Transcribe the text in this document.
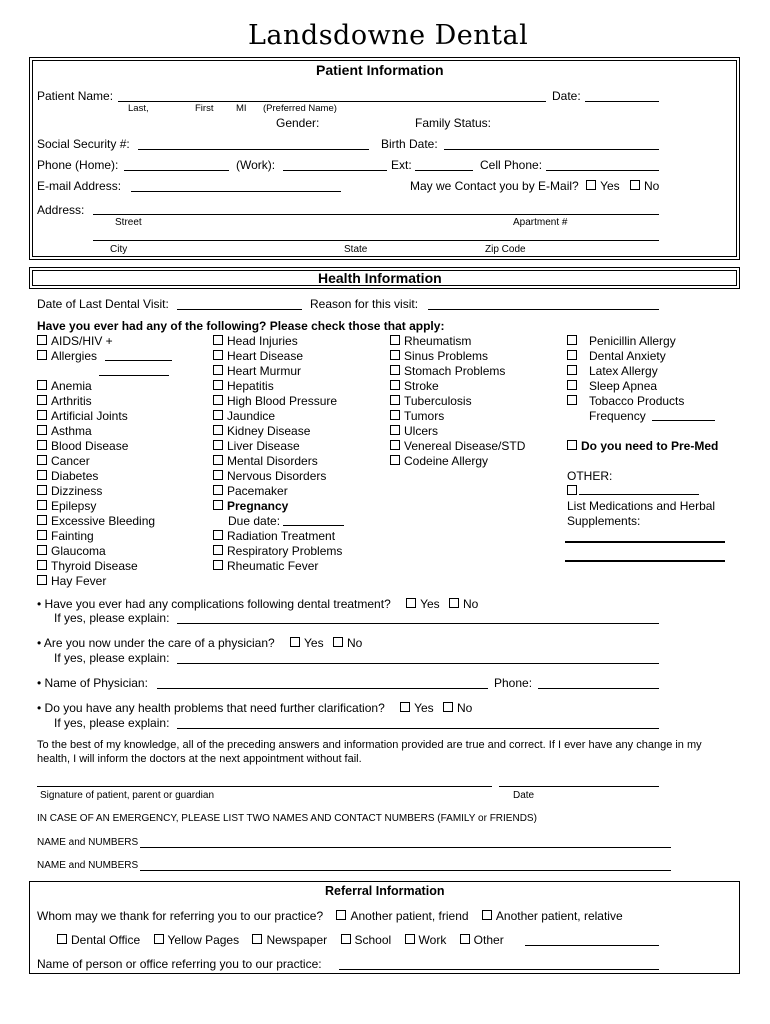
Landsdowne Dental
Patient Information
Patient Name:	Date:
Last,	First MI (Preferred Name)
Gender:	Family Status:
Social Security #:	Birth Date:
Phone (Home):	(Work):	Ext:	Cell Phone:
E-mail Address:	May we Contact you by E-Mail? Yes No
Address:
Street	Apartment #
City	State	Zip Code
Health Information
Date of Last Dental Visit:	Reason for this visit:
Have you ever had any of the following? Please check those that apply:
AIDS/HIV +
Allergies
Anemia
Arthritis
Artificial Joints
Asthma
Blood Disease
Cancer
Diabetes
Dizziness
Epilepsy
Excessive Bleeding
Fainting
Glaucoma
Thyroid Disease
Hay Fever
Head Injuries
Heart Disease
Heart Murmur
Hepatitis
High Blood Pressure
Jaundice
Kidney Disease
Liver Disease
Mental Disorders
Nervous Disorders
Pacemaker
Pregnancy
Due date:
Radiation Treatment
Respiratory Problems
Rheumatic Fever
Rheumatism
Sinus Problems
Stomach Problems
Stroke
Tuberculosis
Tumors
Ulcers
Venereal Disease/STD
Codeine Allergy
Penicillin Allergy
Dental Anxiety
Latex Allergy
Sleep Apnea
Tobacco Products
Frequency
Do you need to Pre-Med
OTHER:
List Medications and Herbal
Supplements:
• Have you ever had any complications following dental treatment? Yes No
If yes, please explain:
• Are you now under the care of a physician? Yes No
If yes, please explain:
• Name of Physician:	Phone:
• Do you have any health problems that need further clarification? Yes No
If yes, please explain:
To the best of my knowledge, all of the preceding answers and information provided are true and correct. If I ever have any change in my
health, I will inform the doctors at the next appointment without fail.
Signature of patient, parent or guardian	Date
IN CASE OF AN EMERGENCY, PLEASE LIST TWO NAMES AND CONTACT NUMBERS (FAMILY or FRIENDS)
NAME and NUMBERS
NAME and NUMBERS
Referral Information
Whom may we thank for referring you to our practice? Another patient, friend Another patient, relative
Dental Office Yellow Pages Newspaper School Work Other
Name of person or office referring you to our practice:
